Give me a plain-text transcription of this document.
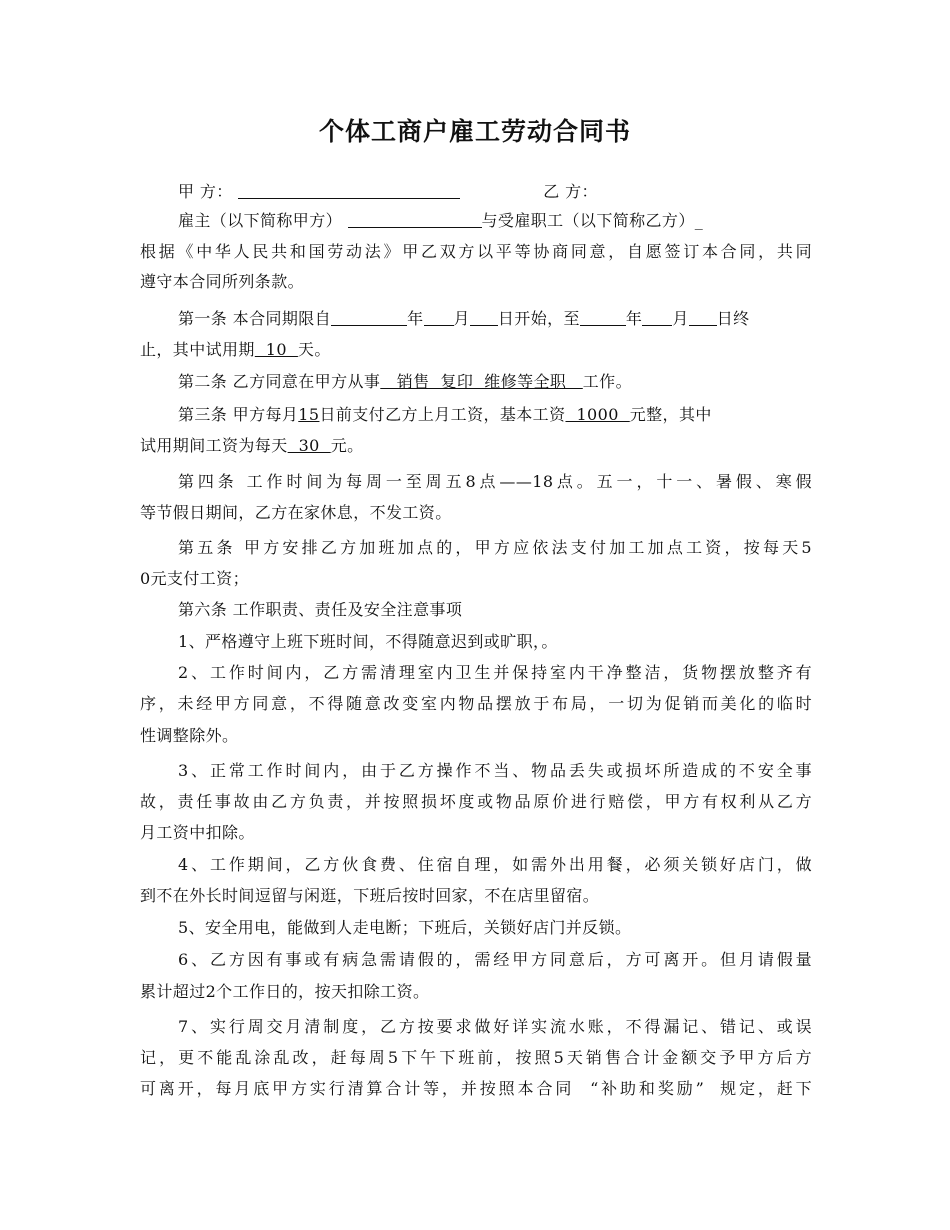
个体工商户雇工劳动合同书
甲 方：	乙 方：
雇主（以下简称甲方）	与受雇职工（以下简称乙方）_
根据《中华人民共和国劳动法》甲乙双方以平等协商同意，自愿签订本合同，共同
遵守本合同所列条款。
第一条 本合同期限自	年 月 日开始，至	年 月 日终
止，其中试用期  10  天。
第二条 乙方同意在甲方从事   销售  复印  维修等全职   工作。
第三条 甲方每月15日前支付乙方上月工资，基本工资  1000  元整，其中
试用期间工资为每天  30  元。
第四条 工作时间为每周一至周五8点——18点。五一，十一、暑假、寒假
等节假日期间，乙方在家休息，不发工资。
第五条 甲方安排乙方加班加点的，甲方应依法支付加工加点工资，按每天5
0元支付工资；
第六条 工作职责、责任及安全注意事项
1、严格遵守上班下班时间，不得随意迟到或旷职，。
2、工作时间内，乙方需清理室内卫生并保持室内干净整洁，货物摆放整齐有
序，未经甲方同意，不得随意改变室内物品摆放于布局，一切为促销而美化的临时
性调整除外。
3、正常工作时间内，由于乙方操作不当、物品丢失或损坏所造成的不安全事
故，责任事故由乙方负责，并按照损坏度或物品原价进行赔偿，甲方有权利从乙方
月工资中扣除。
4、工作期间，乙方伙食费、住宿自理，如需外出用餐，必须关锁好店门，做
到不在外长时间逗留与闲逛，下班后按时回家，不在店里留宿。
5、安全用电，能做到人走电断；下班后，关锁好店门并反锁。
6、乙方因有事或有病急需请假的，需经甲方同意后，方可离开。但月请假量
累计超过2个工作日的，按天扣除工资。
7、实行周交月清制度，乙方按要求做好详实流水账，不得漏记、错记、或误
记，更不能乱涂乱改，赶每周5下午下班前，按照5天销售合计金额交予甲方后方
可离开，每月底甲方实行清算合计等，并按照本合同  “补助和奖励”  规定，赶下
